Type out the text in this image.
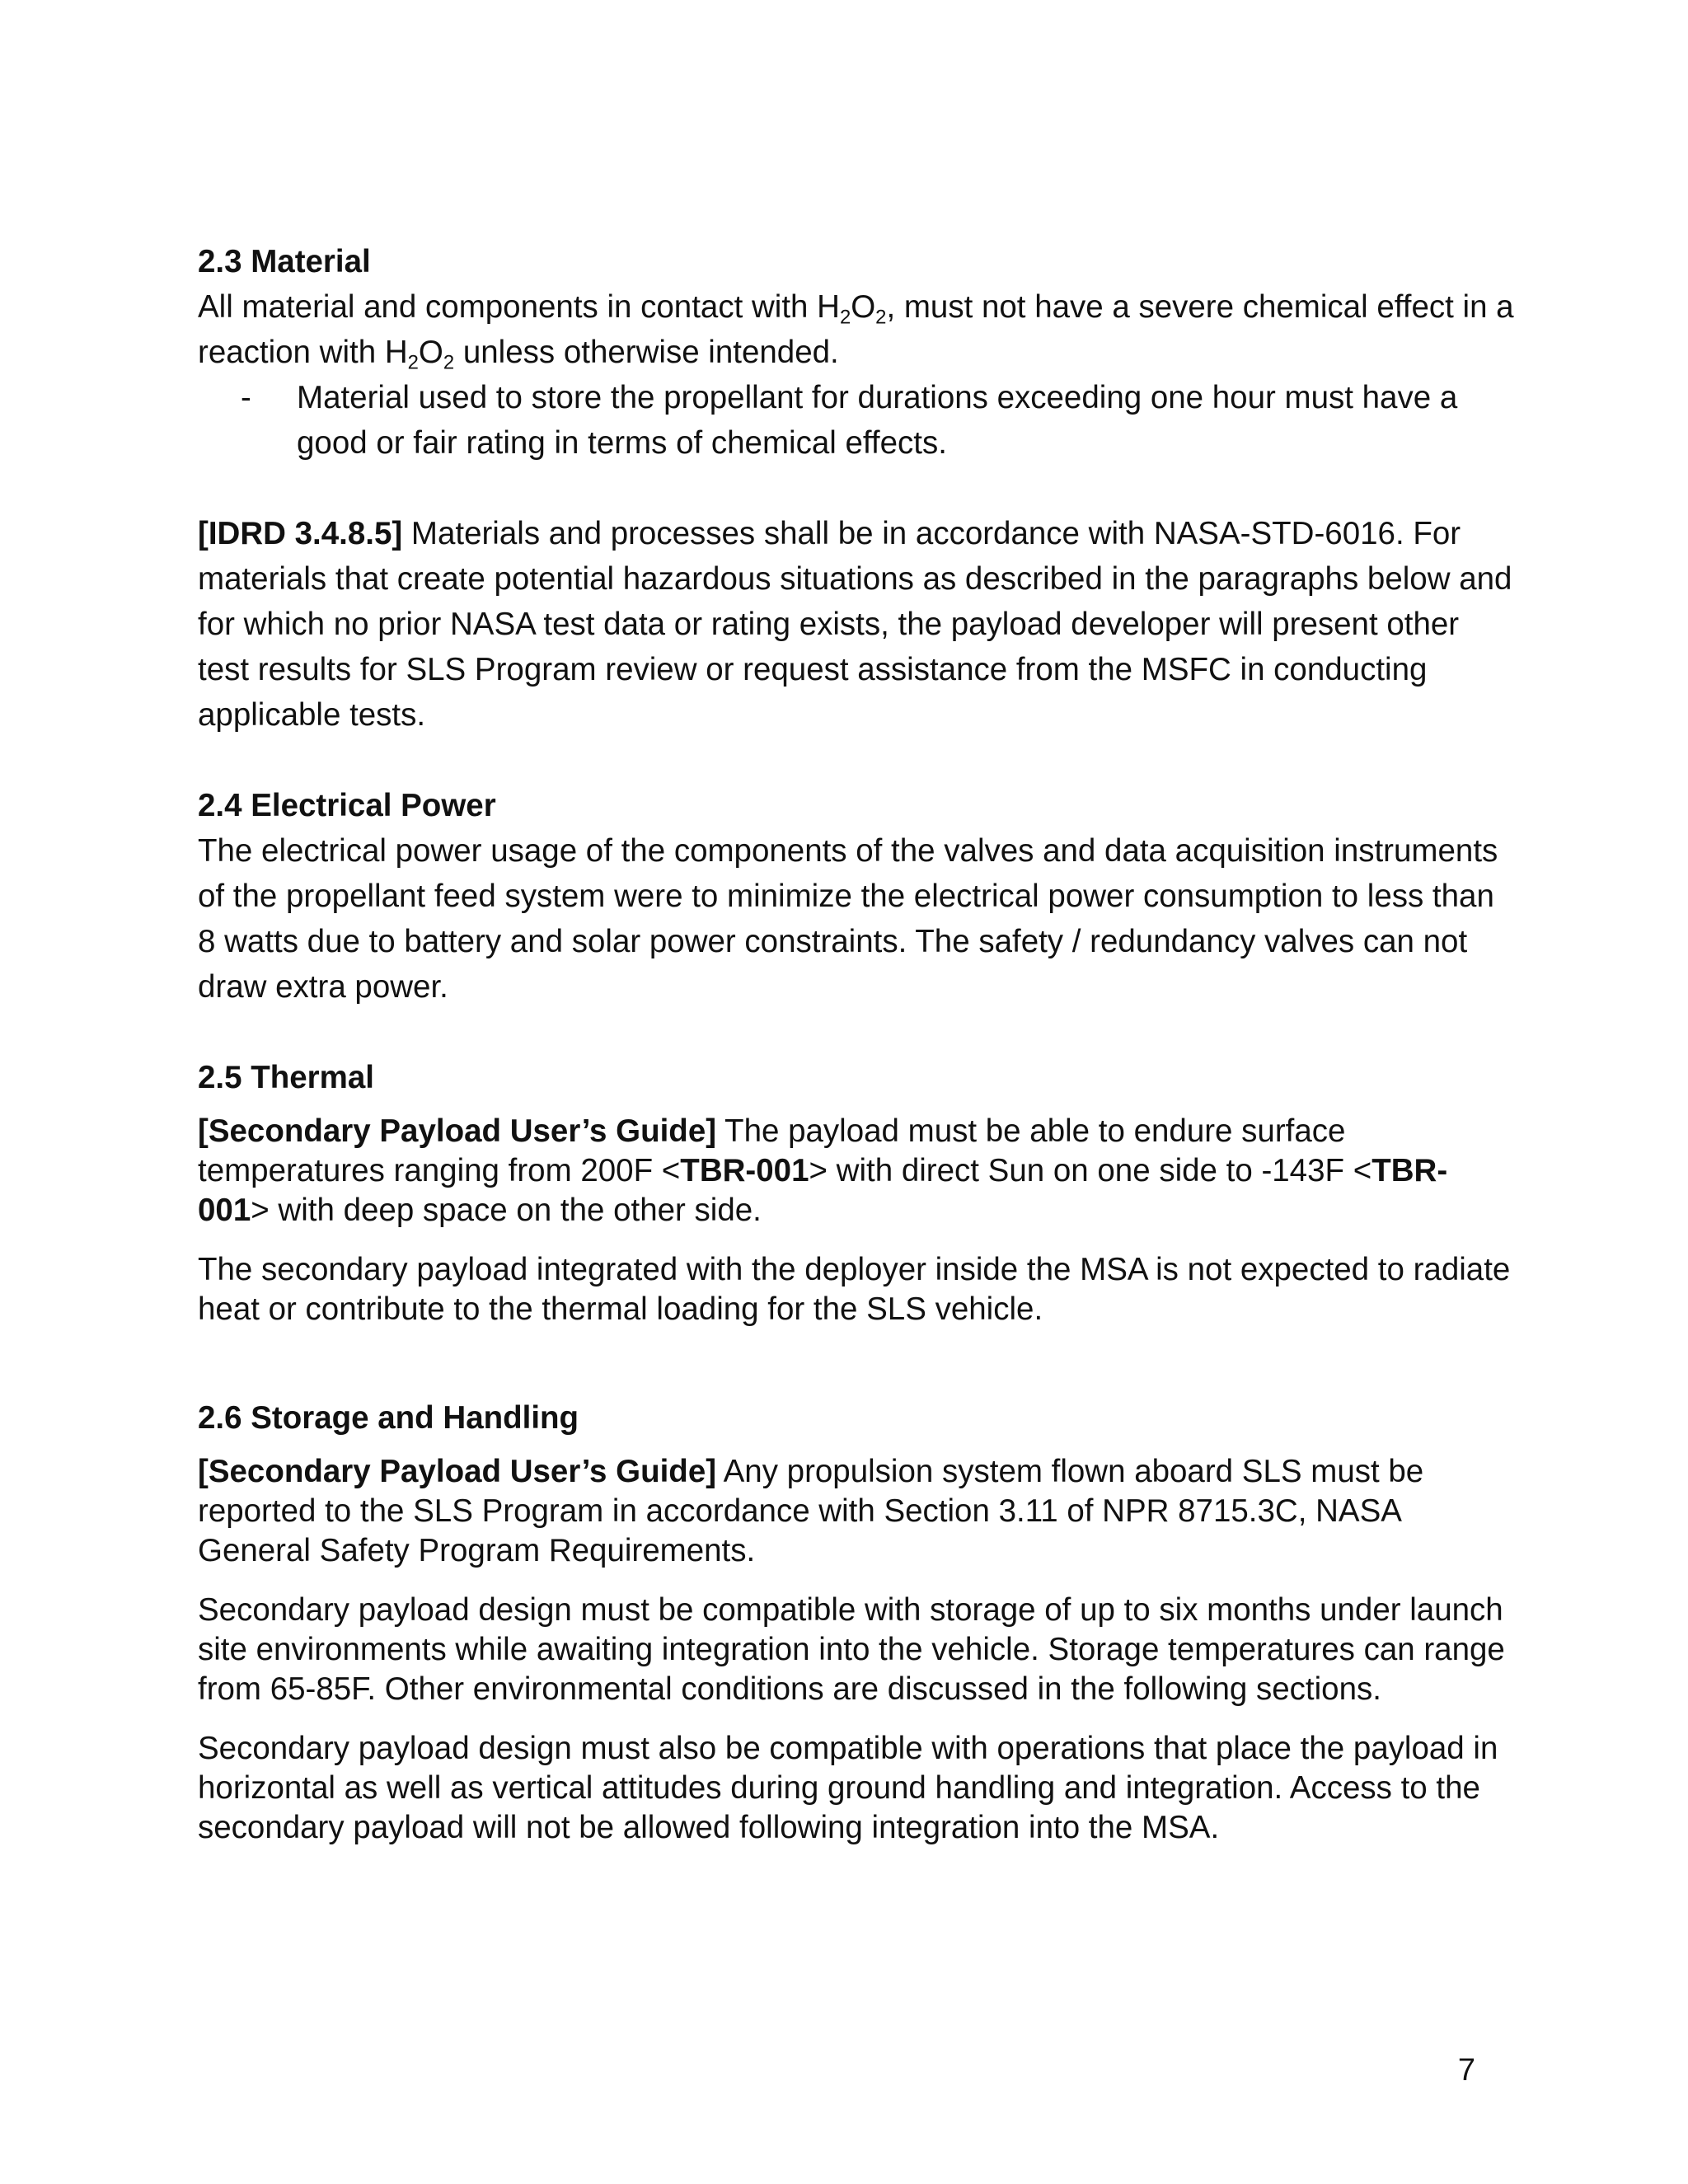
2.3 Material

All material and components in contact with $H_2O_2$, must not have a severe chemical effect in a reaction with $H_2O_2$ unless otherwise intended.

-	Material used to store the propellant for durations exceeding one hour must have a good or fair rating in terms of chemical effects.

[IDRD 3.4.8.5] Materials and processes shall be in accordance with NASA-STD-6016. For materials that create potential hazardous situations as described in the paragraphs below and for which no prior NASA test data or rating exists, the payload developer will present other test results for SLS Program review or request assistance from the MSFC in conducting applicable tests.

2.4 Electrical Power

The electrical power usage of the components of the valves and data acquisition instruments of the propellant feed system were to minimize the electrical power consumption to less than 8 watts due to battery and solar power constraints. The safety / redundancy valves can not draw extra power.

2.5 Thermal

[Secondary Payload User’s Guide] The payload must be able to endure surface temperatures ranging from 200F <TBR-001> with direct Sun on one side to -143F <TBR-001> with deep space on the other side.

The secondary payload integrated with the deployer inside the MSA is not expected to radiate heat or contribute to the thermal loading for the SLS vehicle.

2.6 Storage and Handling

[Secondary Payload User’s Guide] Any propulsion system flown aboard SLS must be reported to the SLS Program in accordance with Section 3.11 of NPR 8715.3C, NASA General Safety Program Requirements.

Secondary payload design must be compatible with storage of up to six months under launch site environments while awaiting integration into the vehicle. Storage temperatures can range from 65-85F. Other environmental conditions are discussed in the following sections.

Secondary payload design must also be compatible with operations that place the payload in horizontal as well as vertical attitudes during ground handling and integration. Access to the secondary payload will not be allowed following integration into the MSA.

7
